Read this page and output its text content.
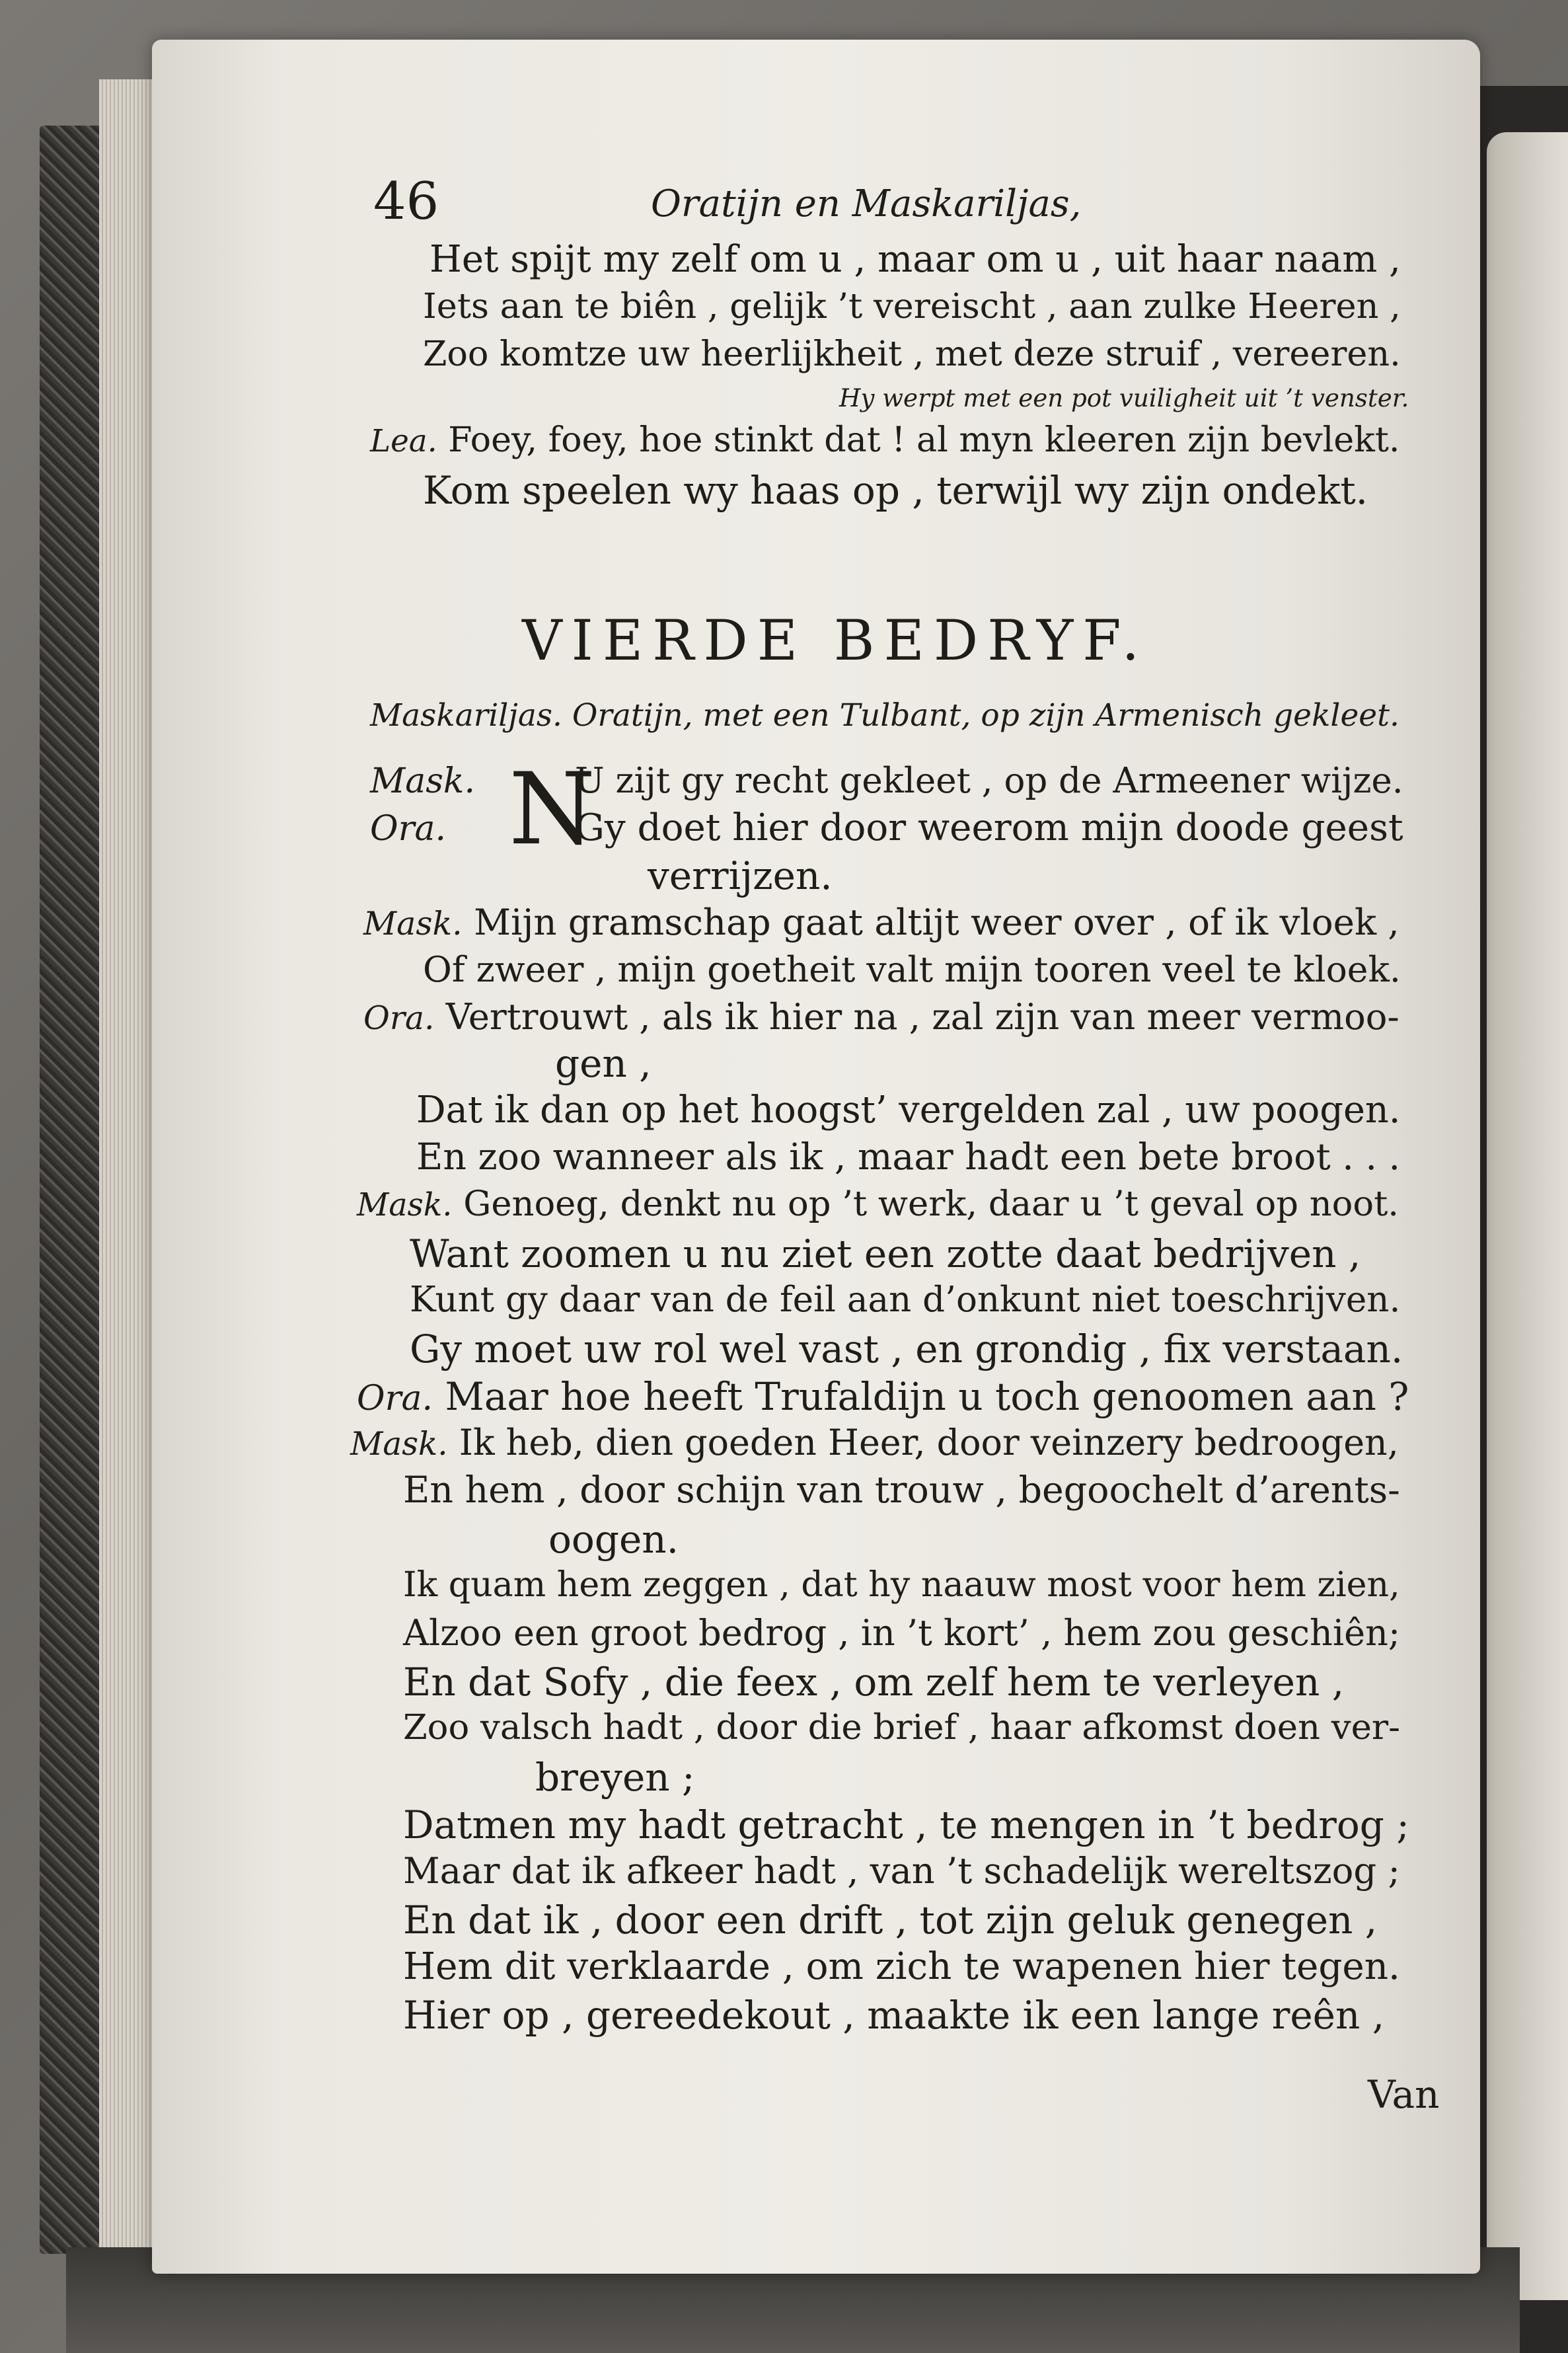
46	Oratijn en Maskariljas,
Het spijt my zelf om u , maar om u , uit haar naam ,
Iets aan te biên , gelijk ’t vereischt , aan zulke Heeren ,
Zoo komtze uw heerlijkheit , met deze struif , vereeren.
Hy werpt met een pot vuiligheit uit ’t venster.
Lea. Foey, foey, hoe stinkt dat ! al myn kleeren zijn bevlekt.
Kom speelen wy haas op , terwijl wy zijn ondekt.
VIERDE BEDRYF.
Maskariljas. Oratijn, met een Tulbant, op zijn Armenisch gekleet.
Mask. N
U zijt gy recht gekleet , op de Armeener wijze.
Ora.	Gy doet hier door weerom mijn doode geest
verrijzen.
Mask. Mijn gramschap gaat altijt weer over , of ik vloek ,
Of zweer , mijn goetheit valt mijn tooren veel te kloek.
Ora. Vertrouwt , als ik hier na , zal zijn van meer vermoo-
gen ,
Dat ik dan op het hoogst’ vergelden zal , uw poogen.
En zoo wanneer als ik , maar hadt een bete broot . . .
Mask. Genoeg, denkt nu op ’t werk, daar u ’t geval op noot.
Want zoomen u nu ziet een zotte daat bedrijven ,
Kunt gy daar van de feil aan d’onkunt niet toeschrijven.
Gy moet uw rol wel vast , en grondig , fix verstaan.
Ora. Maar hoe heeft Trufaldijn u toch genoomen aan ?
Mask. Ik heb, dien goeden Heer, door veinzery bedroogen,
En hem , door schijn van trouw , begoochelt d’arents-
oogen.
Ik quam hem zeggen , dat hy naauw most voor hem zien,
Alzoo een groot bedrog , in ’t kort’ , hem zou geschiên;
En dat Sofy , die feex , om zelf hem te verleyen ,
Zoo valsch hadt , door die brief , haar afkomst doen ver-
breyen ;
Datmen my hadt getracht , te mengen in ’t bedrog ;
Maar dat ik afkeer hadt , van ’t schadelijk wereltszog ;
En dat ik , door een drift , tot zijn geluk genegen ,
Hem dit verklaarde , om zich te wapenen hier tegen.
Hier op , gereedekout , maakte ik een lange reên ,
Van
